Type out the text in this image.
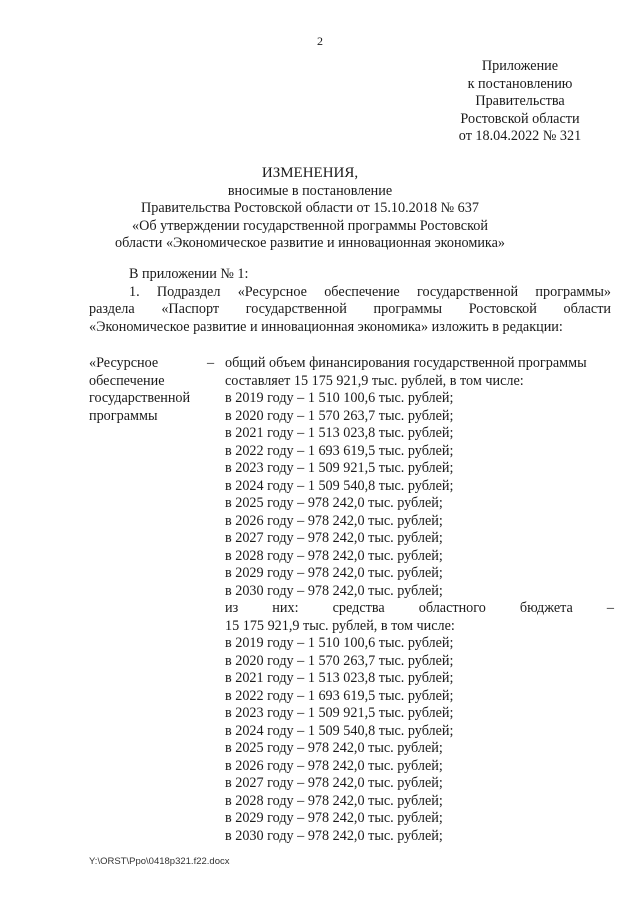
2
Приложение
к постановлению
Правительства
Ростовской области
от 18.04.2022 № 321
ИЗМЕНЕНИЯ,
вносимые в постановление
Правительства Ростовской области от 15.10.2018 № 637
«Об утверждении государственной программы Ростовской
области «Экономическое развитие и инновационная экономика»

В приложении № 1:

1. Подраздел «Ресурсное обеспечение государственной программы»

раздела «Паспорт государственной программы Ростовской области

«Экономическое развитие и инновационная экономика» изложить в редакции:

«Ресурсное
обеспечение
государственной
программы
– общий объем финансирования государственной программы
составляет 15 175 921,9 тыс. рублей, в том числе:
в 2019 году – 1 510 100,6 тыс. рублей;
в 2020 году – 1 570 263,7 тыс. рублей;
в 2021 году – 1 513 023,8 тыс. рублей;
в 2022 году – 1 693 619,5 тыс. рублей;
в 2023 году – 1 509 921,5 тыс. рублей;
в 2024 году – 1 509 540,8 тыс. рублей;
в 2025 году – 978 242,0 тыс. рублей;
в 2026 году – 978 242,0 тыс. рублей;
в 2027 году – 978 242,0 тыс. рублей;
в 2028 году – 978 242,0 тыс. рублей;
в 2029 году – 978 242,0 тыс. рублей;
в 2030 году – 978 242,0 тыс. рублей;
из них: средства областного бюджета –
15 175 921,9 тыс. рублей, в том числе:
в 2019 году – 1 510 100,6 тыс. рублей;
в 2020 году – 1 570 263,7 тыс. рублей;
в 2021 году – 1 513 023,8 тыс. рублей;
в 2022 году – 1 693 619,5 тыс. рублей;
в 2023 году – 1 509 921,5 тыс. рублей;
в 2024 году – 1 509 540,8 тыс. рублей;
в 2025 году – 978 242,0 тыс. рублей;
в 2026 году – 978 242,0 тыс. рублей;
в 2027 году – 978 242,0 тыс. рублей;
в 2028 году – 978 242,0 тыс. рублей;
в 2029 году – 978 242,0 тыс. рублей;
в 2030 году – 978 242,0 тыс. рублей;
Y:\ORST\Ppo\0418p321.f22.docx
